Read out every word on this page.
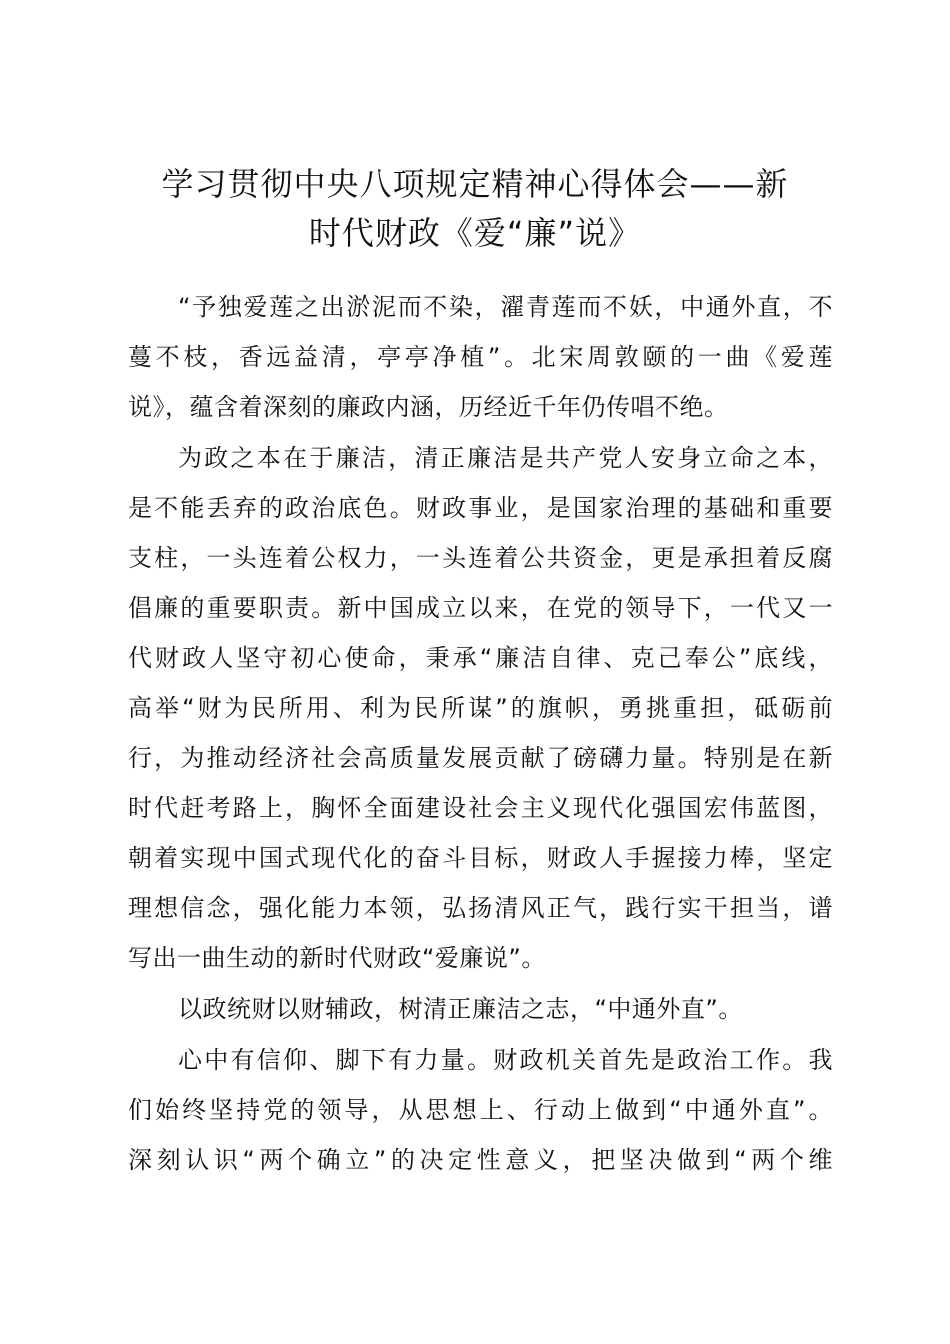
学习贯彻中央八项规定精神心得体会——新
时代财政《爱“廉”说》

“予独爱莲之出淤泥而不染，濯青莲而不妖，中通外直，不
蔓不枝，香远益清，亭亭净植”。北宋周敦颐的一曲《爱莲
说》，蕴含着深刻的廉政内涵，历经近千年仍传唱不绝。

为政之本在于廉洁，清正廉洁是共产党人安身立命之本，
是不能丢弃的政治底色。财政事业，是国家治理的基础和重要
支柱，一头连着公权力，一头连着公共资金，更是承担着反腐
倡廉的重要职责。新中国成立以来，在党的领导下，一代又一
代财政人坚守初心使命，秉承“廉洁自律、克己奉公”底线，
高举“财为民所用、利为民所谋”的旗帜，勇挑重担，砥砺前
行，为推动经济社会高质量发展贡献了磅礴力量。特别是在新
时代赶考路上，胸怀全面建设社会主义现代化强国宏伟蓝图，
朝着实现中国式现代化的奋斗目标，财政人手握接力棒，坚定
理想信念，强化能力本领，弘扬清风正气，践行实干担当，谱
写出一曲生动的新时代财政“爱廉说”。

以政统财以财辅政，树清正廉洁之志，“中通外直”。

心中有信仰、脚下有力量。财政机关首先是政治工作。我
们始终坚持党的领导，从思想上、行动上做到“中通外直”。
深刻认识“两个确立”的决定性意义，把坚决做到“两个维
